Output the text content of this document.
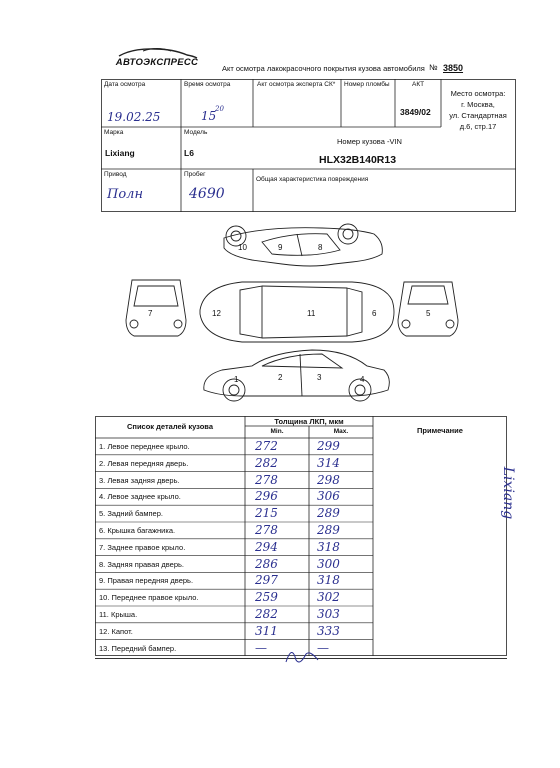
АВТОЭКСПРЕСС
Акт осмотра лакокрасочного покрытия кузова автомобиля № 3850
Дата осмотра
19.02.25
Время осмотра
15
20
Акт осмотра эксперта СК* Номер пломбы	АКТ
3849/02
Марка
Lixiang
Модель
L6
Номер кузова -VIN
HLX32B140R13
Привод
Полн
Пробег
4690
Общая характеристика повреждения
Место осмотра:
г. Москва,
ул. Стандартная
д.6, стр.17
10	9	8
12	11	6	5
7
1	2	3	4
Список деталей кузова
Толщина ЛКП, мкм
Min.	Max.	Примечание
1. Левое переднее крыло.	272	299
2. Левая передняя дверь.	282	314
3. Левая задняя дверь.	278	298
4. Левое заднее крыло.	296	306
5. Задний бампер.	215	289
6. Крышка багажника.	278	289
7. Заднее правое крыло.	294	318
8. Задняя правая дверь.	286	300
9. Правая передняя дверь.	297	318
10. Переднее правое крыло.	259	302
11. Крыша.	282	303
12. Капот.	311	333
13. Передний бампер.	—	—
Lixiang
